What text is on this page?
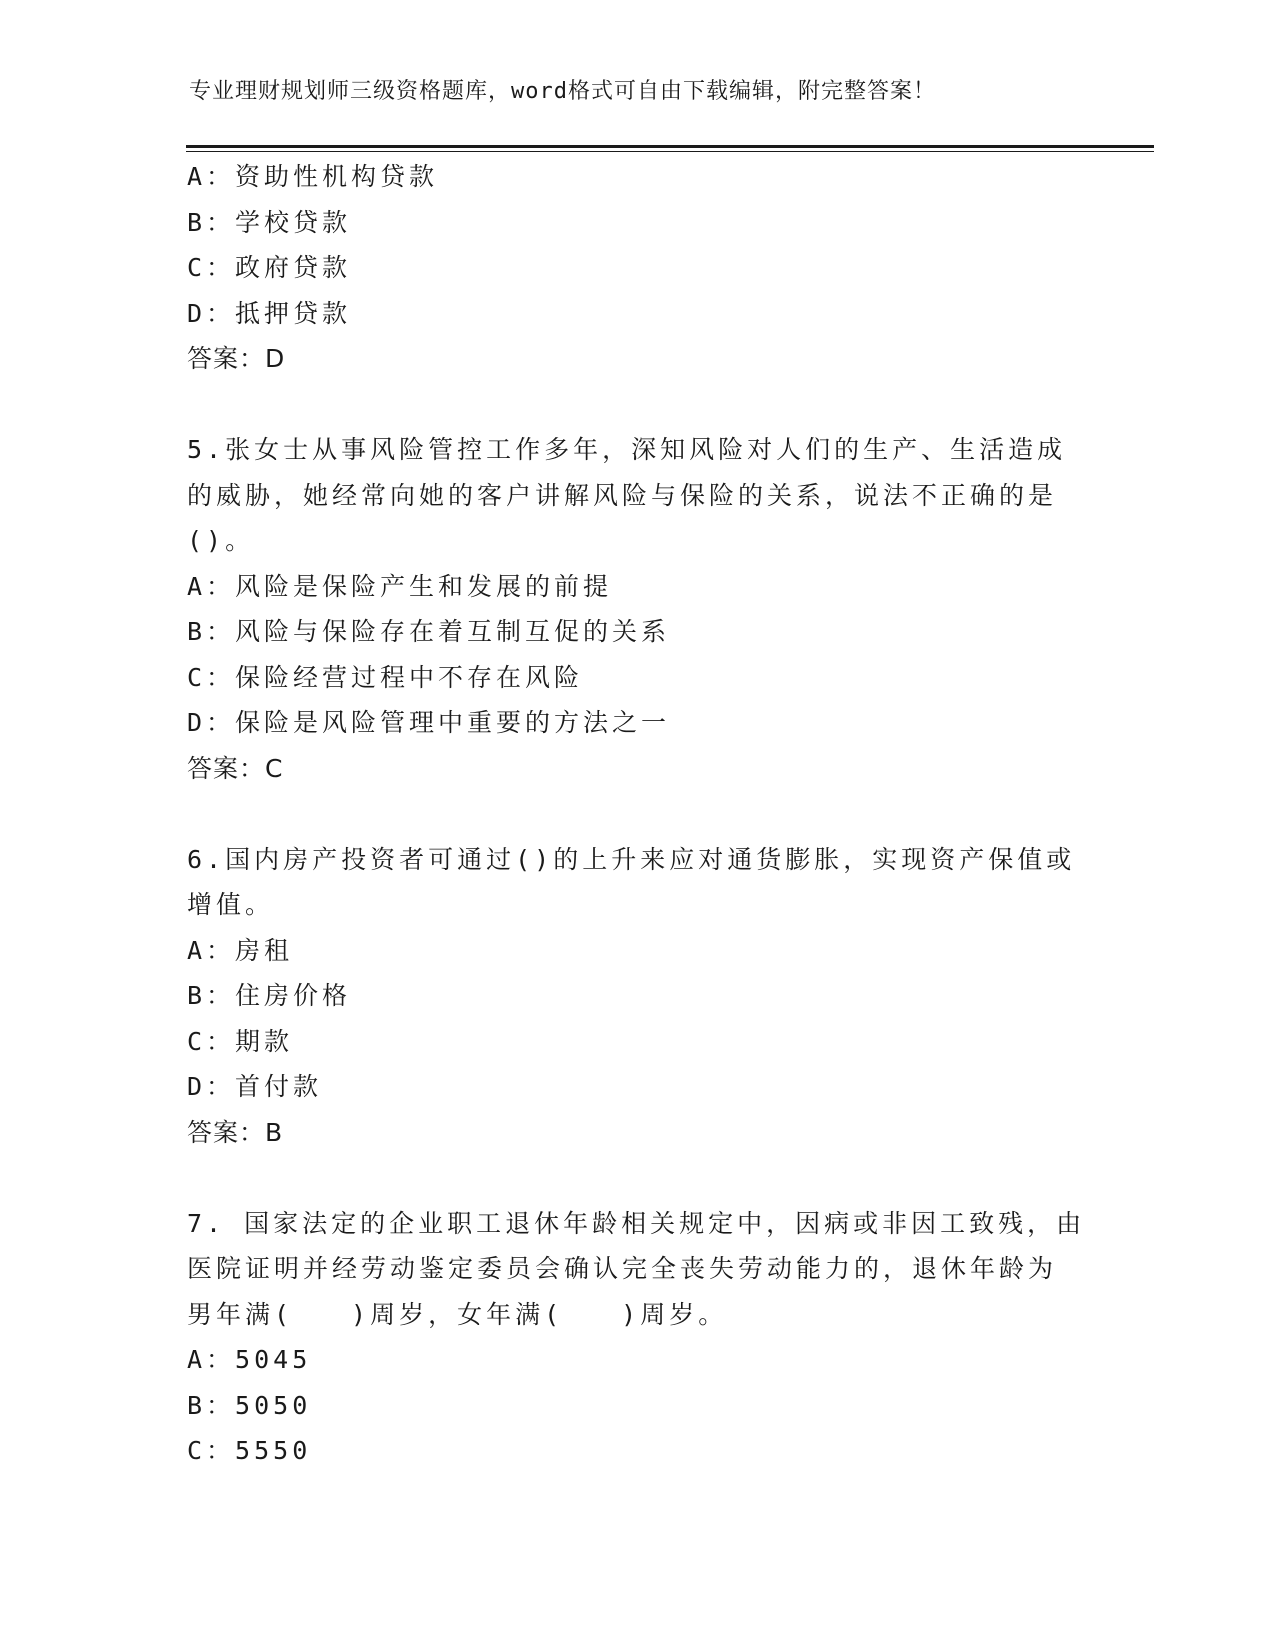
专业理财规划师三级资格题库，word格式可自由下载编辑，附完整答案！
A：资助性机构贷款
B：学校贷款
C：政府贷款
D：抵押贷款
答案：D
5.张女士从事风险管控工作多年，深知风险对人们的生产、生活造成
的威胁，她经常向她的客户讲解风险与保险的关系，说法不正确的是
()。
A：风险是保险产生和发展的前提
B：风险与保险存在着互制互促的关系
C：保险经营过程中不存在风险
D：保险是风险管理中重要的方法之一
答案：C
6.国内房产投资者可通过()的上升来应对通货膨胀，实现资产保值或
增值。
A：房租
B：住房价格
C：期款
D：首付款
答案：B
7. 国家法定的企业职工退休年龄相关规定中，因病或非因工致残，由
医院证明并经劳动鉴定委员会确认完全丧失劳动能力的，退休年龄为
男年满(　　)周岁，女年满(　　)周岁。
A：5045
B：5050
C：5550
